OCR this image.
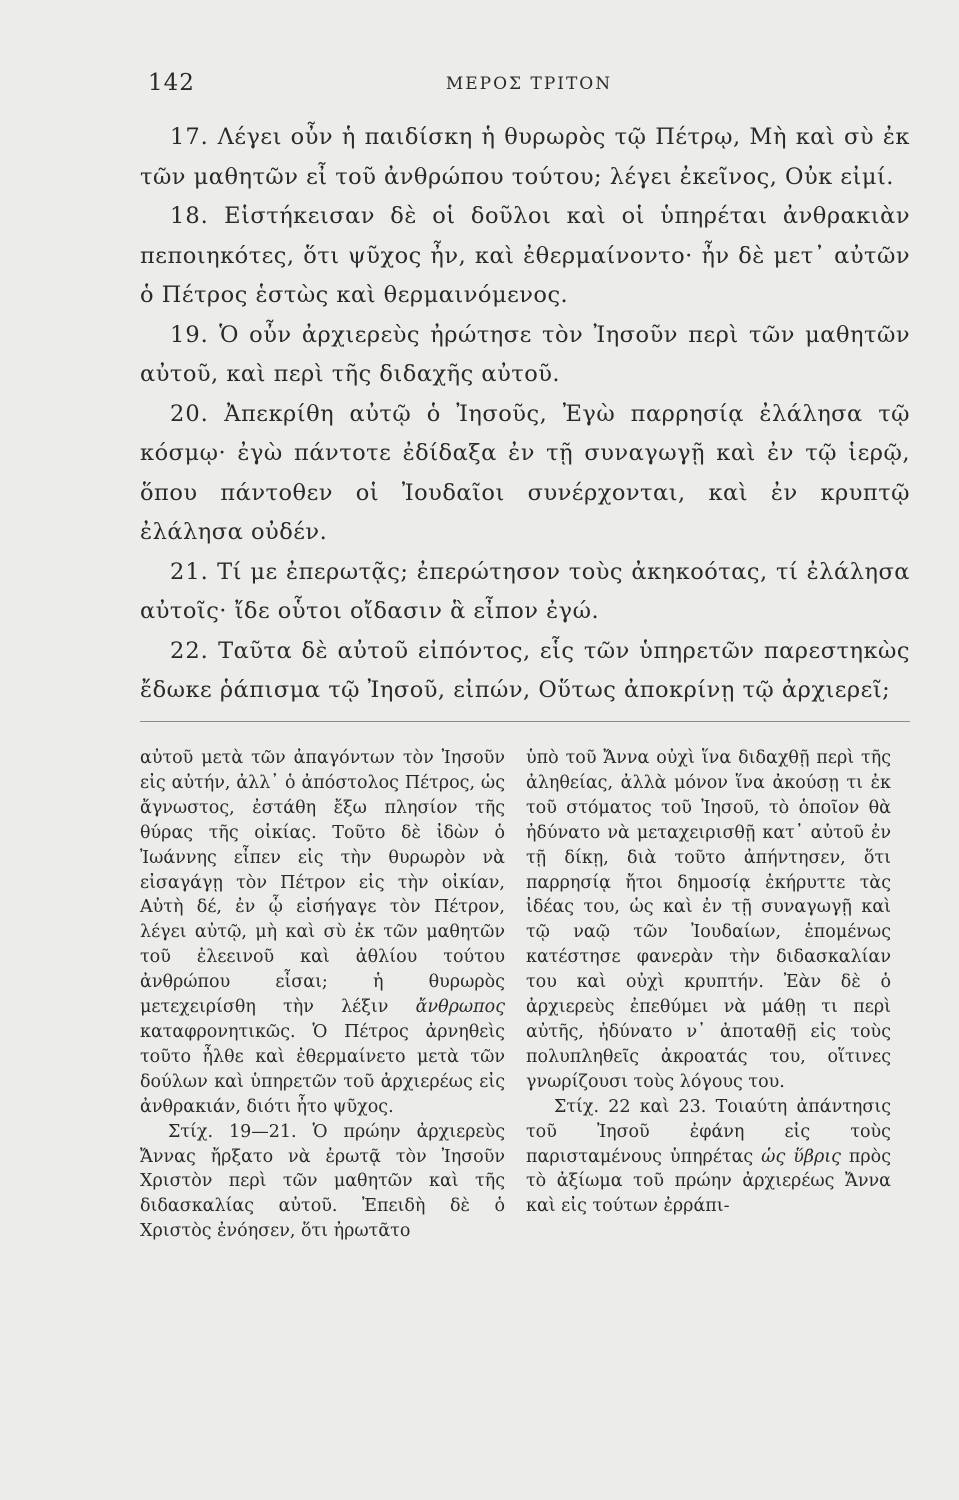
142	ΜΕΡΟΣ ΤΡΙΤΟΝ

17. Λέγει οὖν ἡ παιδίσκη ἡ θυρωρὸς τῷ Πέτρῳ, Μὴ καὶ σὺ ἐκ τῶν μαθητῶν εἶ τοῦ ἀνθρώπου τούτου; λέγει ἐκεῖνος, Οὐκ εἰμί.

18. Εἱστήκεισαν δὲ οἱ δοῦλοι καὶ οἱ ὑπηρέται ἀνθρακιὰν πεποιηκότες, ὅτι ψῦχος ἦν, καὶ ἐθερμαίνοντο· ἦν δὲ μετ᾽ αὐτῶν ὁ Πέτρος ἑστὼς καὶ θερμαινόμενος.

19. Ὁ οὖν ἀρχιερεὺς ἠρώτησε τὸν Ἰησοῦν περὶ τῶν μαθητῶν αὐτοῦ, καὶ περὶ τῆς διδαχῆς αὐτοῦ.

20. Ἀπεκρίθη αὐτῷ ὁ Ἰησοῦς, Ἐγὼ παρρησίᾳ ἐλάλησα τῷ κόσμῳ· ἐγὼ πάντοτε ἐδίδαξα ἐν τῇ συναγωγῇ καὶ ἐν τῷ ἱερῷ, ὅπου πάντοθεν οἱ Ἰουδαῖοι συνέρχονται, καὶ ἐν κρυπτῷ ἐλάλησα οὐδέν.

21. Τί με ἐπερωτᾷς; ἐπερώτησον τοὺς ἀκηκοότας, τί ἐλάλησα αὐτοῖς· ἴδε οὗτοι οἴδασιν ἃ εἶπον ἐγώ.

22. Ταῦτα δὲ αὐτοῦ εἰπόντος, εἷς τῶν ὑπηρετῶν παρεστηκὼς ἔδωκε ῥάπισμα τῷ Ἰησοῦ, εἰπών, Οὕτως ἀποκρίνῃ τῷ ἀρχιερεῖ;

αὐτοῦ μετὰ τῶν ἀπαγόντων τὸν Ἰησοῦν εἰς αὐτήν, ἀλλ᾽ ὁ ἀπόστολος Πέτρος, ὡς ἄγνωστος, ἐστάθη ἔξω πλησίον τῆς θύρας τῆς οἰκίας. Τοῦτο δὲ ἰδὼν ὁ Ἰωάννης εἶπεν εἰς τὴν θυρωρὸν νὰ εἰσαγάγῃ τὸν Πέτρον εἰς τὴν οἰκίαν, Αὐτὴ δέ, ἐν ᾧ εἰσήγαγε τὸν Πέτρον, λέγει αὐτῷ, μὴ καὶ σὺ ἐκ τῶν μαθητῶν τοῦ ἐλεεινοῦ καὶ ἀθλίου τούτου ἀνθρώπου εἶσαι; ἡ θυρωρὸς μετεχειρίσθη τὴν λέξιν ἄνθρωπος καταφρονητικῶς. Ὁ Πέτρος ἀρνηθεὶς τοῦτο ἦλθε καὶ ἐθερμαίνετο μετὰ τῶν δούλων καὶ ὑπηρετῶν τοῦ ἀρχιερέως εἰς ἀνθρακιάν, διότι ἦτο ψῦχος.

Στίχ. 19—21. Ὁ πρώην ἀρχιερεὺς Ἄννας ἤρξατο νὰ ἐρωτᾷ τὸν Ἰησοῦν Χριστὸν περὶ τῶν μαθητῶν καὶ τῆς διδασκαλίας αὐτοῦ. Ἐπειδὴ δὲ ὁ Χριστὸς ἐνόησεν, ὅτι ἠρωτᾶτο

ὑπὸ τοῦ Ἄννα οὐχὶ ἵνα διδαχθῇ περὶ τῆς ἀληθείας, ἀλλὰ μόνον ἵνα ἀκούσῃ τι ἐκ τοῦ στόματος τοῦ Ἰησοῦ, τὸ ὁποῖον θὰ ἠδύνατο νὰ μεταχειρισθῇ κατ᾽ αὐτοῦ ἐν τῇ δίκῃ, διὰ τοῦτο ἀπήντησεν, ὅτι παρρησίᾳ ἤτοι δημοσίᾳ ἐκήρυττε τὰς ἰδέας του, ὡς καὶ ἐν τῇ συναγωγῇ καὶ τῷ ναῷ τῶν Ἰουδαίων, ἑπομένως κατέστησε φανερὰν τὴν διδασκαλίαν του καὶ οὐχὶ κρυπτήν. Ἐὰν δὲ ὁ ἀρχιερεὺς ἐπεθύμει νὰ μάθῃ τι περὶ αὐτῆς, ἠδύνατο ν᾽ ἀποταθῇ εἰς τοὺς πολυπληθεῖς ἀκροατάς του, οἵτινες γνωρίζουσι τοὺς λόγους του.

Στίχ. 22 καὶ 23. Τοιαύτη ἀπάντησις τοῦ Ἰησοῦ ἐφάνη εἰς τοὺς παρισταμένους ὑπηρέτας ὡς ὕβρις πρὸς τὸ ἀξίωμα τοῦ πρώην ἀρχιερέως Ἄννα καὶ εἰς τούτων ἐρράπι-
